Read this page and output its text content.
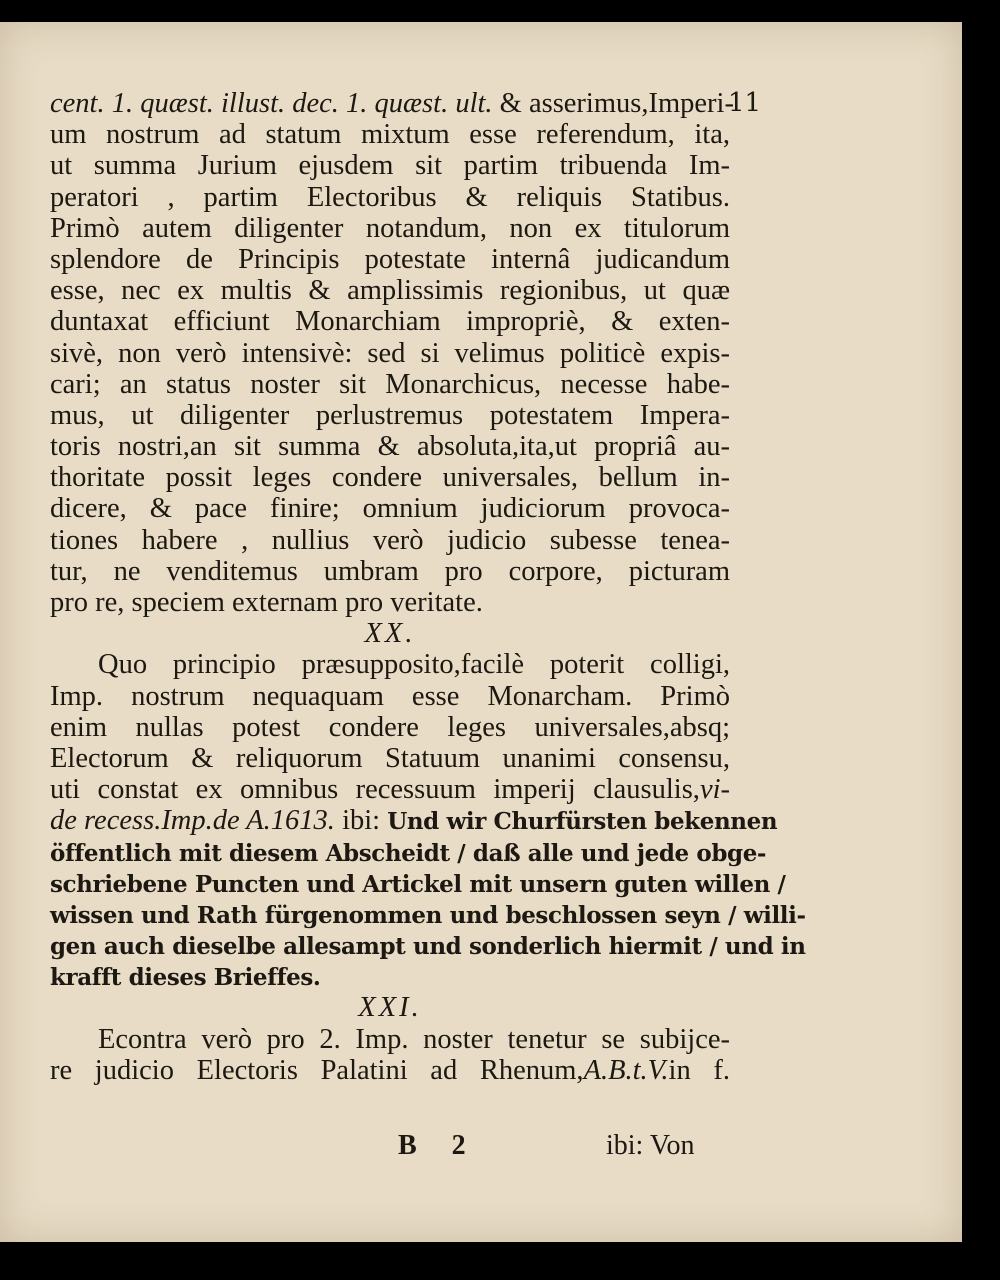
11
cent. 1. quæst. illust. dec. 1. quæst. ult. & asserimus,Imperi-
um nostrum ad statum mixtum esse referendum, ita,
ut summa Jurium ejusdem sit partim tribuenda Im-
peratori , partim Electoribus & reliquis Statibus.
Primò autem diligenter notandum, non ex titulorum
splendore de Principis potestate internâ judicandum
esse, nec ex multis & amplissimis regionibus, ut quæ
duntaxat efficiunt Monarchiam impropriè, & exten-
sivè, non verò intensivè: sed si velimus politicè expis-
cari; an status noster sit Monarchicus, necesse habe-
mus, ut diligenter perlustremus potestatem Impera-
toris nostri,an sit summa & absoluta,ita,ut propriâ au-
thoritate possit leges condere universales, bellum in-
dicere, & pace finire; omnium judiciorum provoca-
tiones habere , nullius verò judicio subesse tenea-
tur, ne venditemus umbram pro corpore, picturam
pro re, speciem externam pro veritate.
XX.
Quo principio præsupposito,facilè poterit colligi,
Imp. nostrum nequaquam esse Monarcham. Primò
enim nullas potest condere leges universales,absq;
Electorum & reliquorum Statuum unanimi consensu,
uti constat ex omnibus recessuum imperij clausulis,vi-
de recess.Imp.de A.1613. ibi: Und wir Churfürsten bekennen
öffentlich mit diesem Abscheidt / daß alle und jede obge-
schriebene Puncten und Artickel mit unsern guten willen /
wissen und Rath fürgenommen und beschlossen seyn / willi-
gen auch dieselbe allesampt und sonderlich hiermit / und in
krafft dieses Brieffes.
XXI.
Econtra verò pro 2. Imp. noster tenetur se subijce-
re judicio Electoris Palatini ad Rhenum,A.B.t.V.in f.
B 2	ibi: Von
